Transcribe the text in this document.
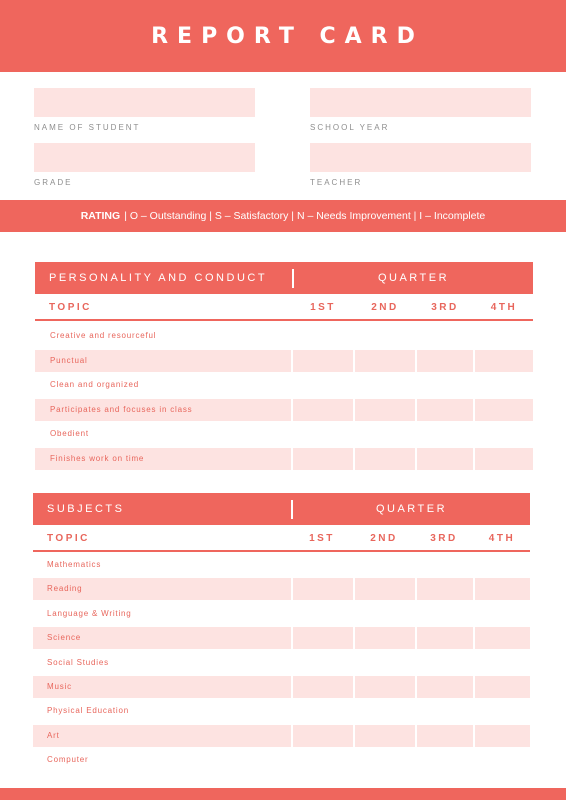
REPORT CARD
NAME OF STUDENT	SCHOOL YEAR
GRADE	TEACHER
RATING | O – Outstanding | S – Satisfactory | N – Needs Improvement | I – Incomplete
PERSONALITY AND CONDUCT	QUARTER
TOPIC	1ST	2ND	3RD	4TH
Creative and resourceful
Punctual
Clean and organized
Participates and focuses in class
Obedient
Finishes work on time
SUBJECTS	QUARTER
TOPIC	1ST	2ND	3RD	4TH
Mathematics
Reading
Language & Writing
Science
Social Studies
Music
Physical Education
Art
Computer
